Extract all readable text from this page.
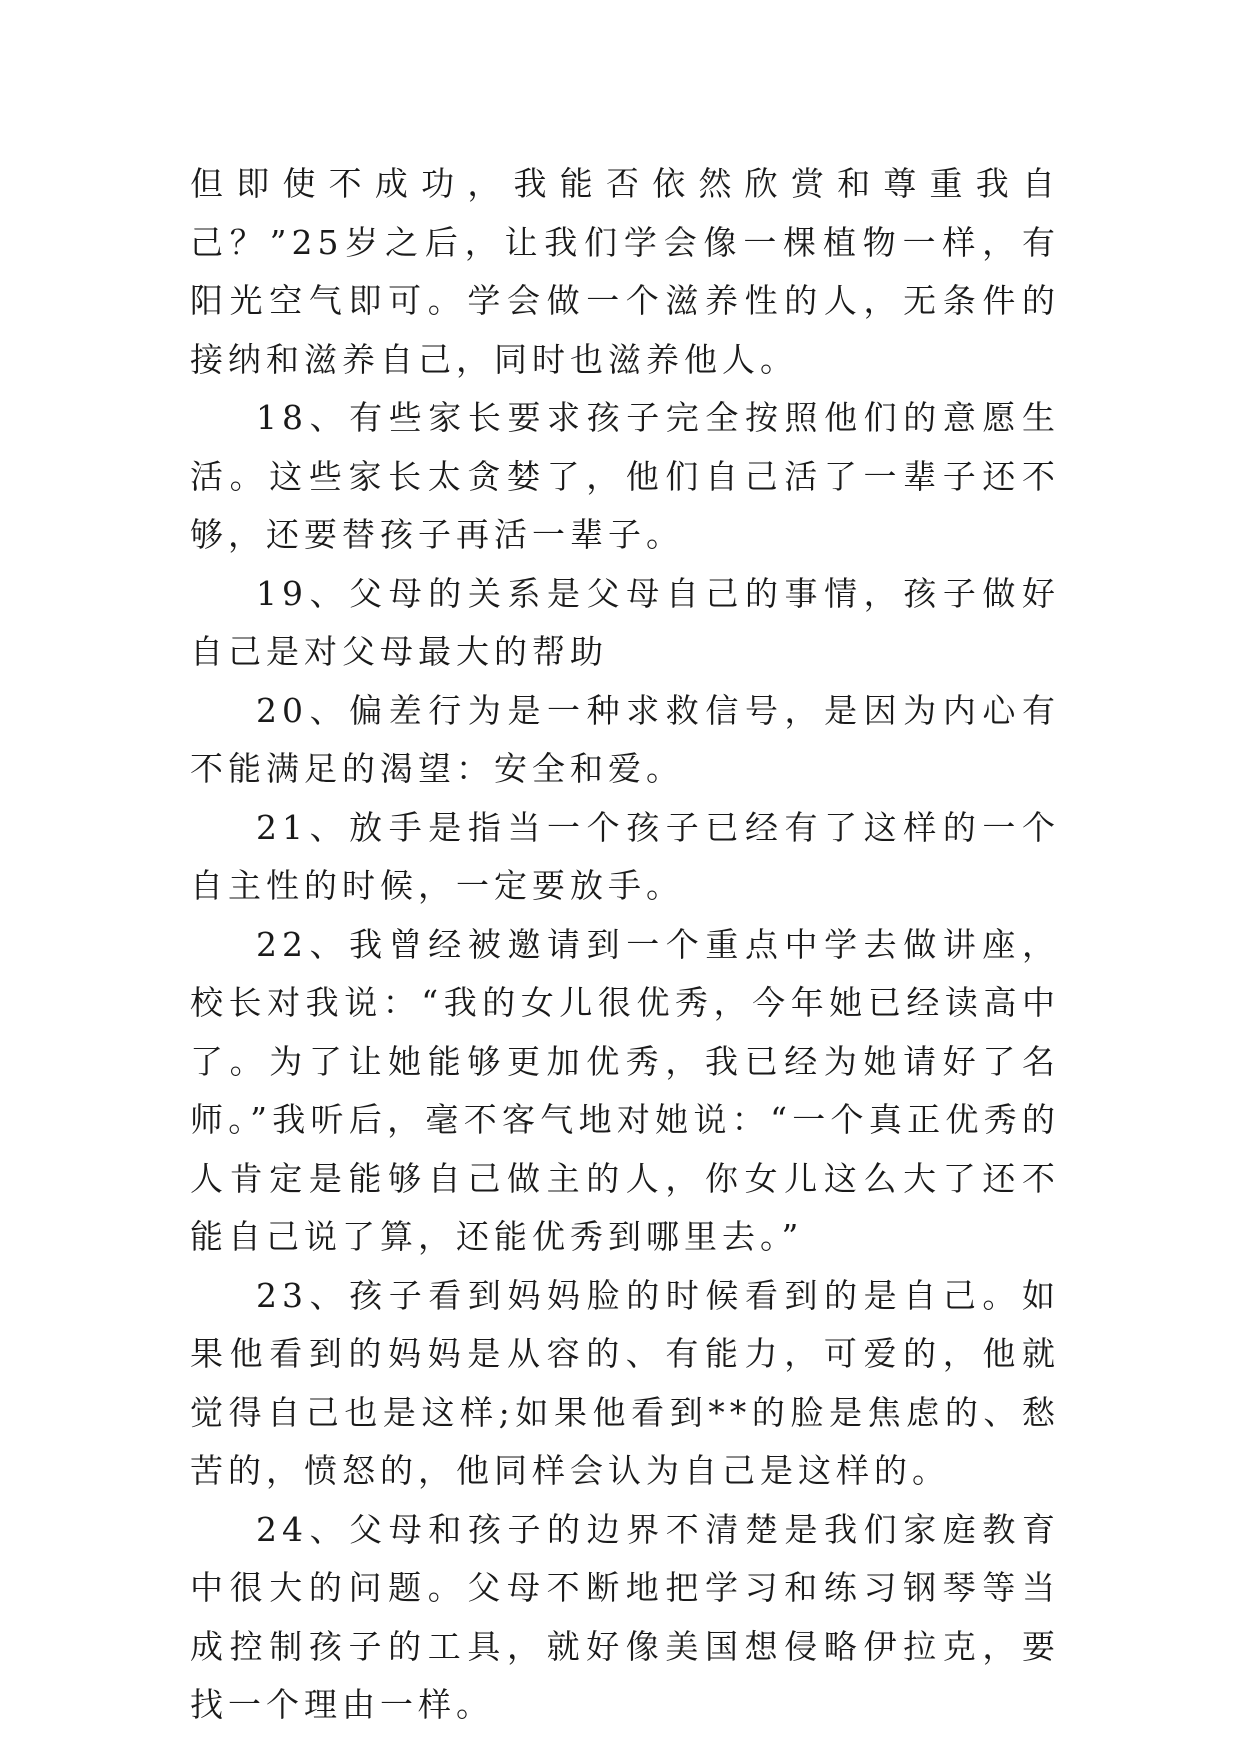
但即使不成功，我能否依然欣赏和尊重我自己？”25岁之后，让我们学会像一棵植物一样，有阳光空气即可。学会做一个滋养性的人，无条件的接纳和滋养自己，同时也滋养他人。

18、有些家长要求孩子完全按照他们的意愿生活。这些家长太贪婪了，他们自己活了一辈子还不够，还要替孩子再活一辈子。

19、父母的关系是父母自己的事情，孩子做好自己是对父母最大的帮助

20、偏差行为是一种求救信号，是因为内心有不能满足的渴望：安全和爱。

21、放手是指当一个孩子已经有了这样的一个自主性的时候，一定要放手。

22、我曾经被邀请到一个重点中学去做讲座，校长对我说：“我的女儿很优秀，今年她已经读高中了。为了让她能够更加优秀，我已经为她请好了名师。”我听后，毫不客气地对她说：“一个真正优秀的人肯定是能够自己做主的人，你女儿这么大了还不能自己说了算，还能优秀到哪里去。”

23、孩子看到妈妈脸的时候看到的是自己。如果他看到的妈妈是从容的、有能力，可爱的，他就觉得自己也是这样;如果他看到**的脸是焦虑的、愁苦的，愤怒的，他同样会认为自己是这样的。

24、父母和孩子的边界不清楚是我们家庭教育中很大的问题。父母不断地把学习和练习钢琴等当成控制孩子的工具，就好像美国想侵略伊拉克，要找一个理由一样。
